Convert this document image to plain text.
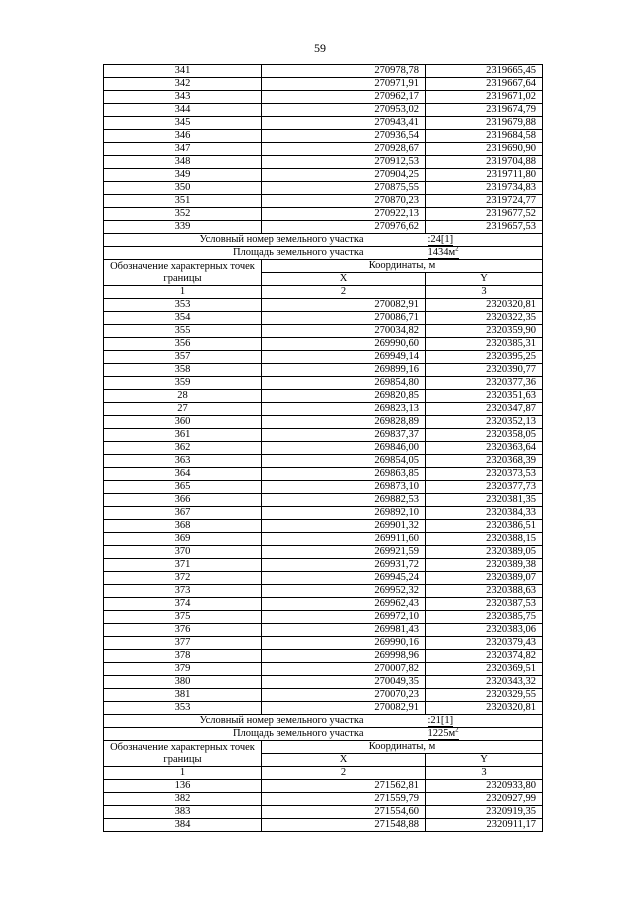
59
341	270978,78	2319665,45
342	270971,91	2319667,64
343	270962,17	2319671,02
344	270953,02	2319674,79
345	270943,41	2319679,88
346	270936,54	2319684,58
347	270928,67	2319690,90
348	270912,53	2319704,88
349	270904,25	2319711,80
350	270875,55	2319734,83
351	270870,23	2319724,77
352	270922,13	2319677,52
339	270976,62	2319657,53
Условный номер земельного участка		:24[1]
Площадь земельного участка		$1434м^2$
Обозначение характерных точек границы	Координаты, м	
	X	Y
1	2	3
353	270082,91	2320320,81
354	270086,71	2320322,35
355	270034,82	2320359,90
356	269990,60	2320385,31
357	269949,14	2320395,25
358	269899,16	2320390,77
359	269854,80	2320377,36
28	269820,85	2320351,63
27	269823,13	2320347,87
360	269828,89	2320352,13
361	269837,37	2320358,05
362	269846,00	2320363,64
363	269854,05	2320368,39
364	269863,85	2320373,53
365	269873,10	2320377,73
366	269882,53	2320381,35
367	269892,10	2320384,33
368	269901,32	2320386,51
369	269911,60	2320388,15
370	269921,59	2320389,05
371	269931,72	2320389,38
372	269945,24	2320389,07
373	269952,32	2320388,63
374	269962,43	2320387,53
375	269972,10	2320385,75
376	269981,43	2320383,06
377	269990,16	2320379,43
378	269998,96	2320374,82
379	270007,82	2320369,51
380	270049,35	2320343,32
381	270070,23	2320329,55
353	270082,91	2320320,81
Условный номер земельного участка		:21[1]
Площадь земельного участка		$1225м^2$
Обозначение характерных точек границы	Координаты, м	
	X	Y
1	2	3
136	271562,81	2320933,80
382	271559,79	2320927,99
383	271554,60	2320919,35
384	271548,88	2320911,17
